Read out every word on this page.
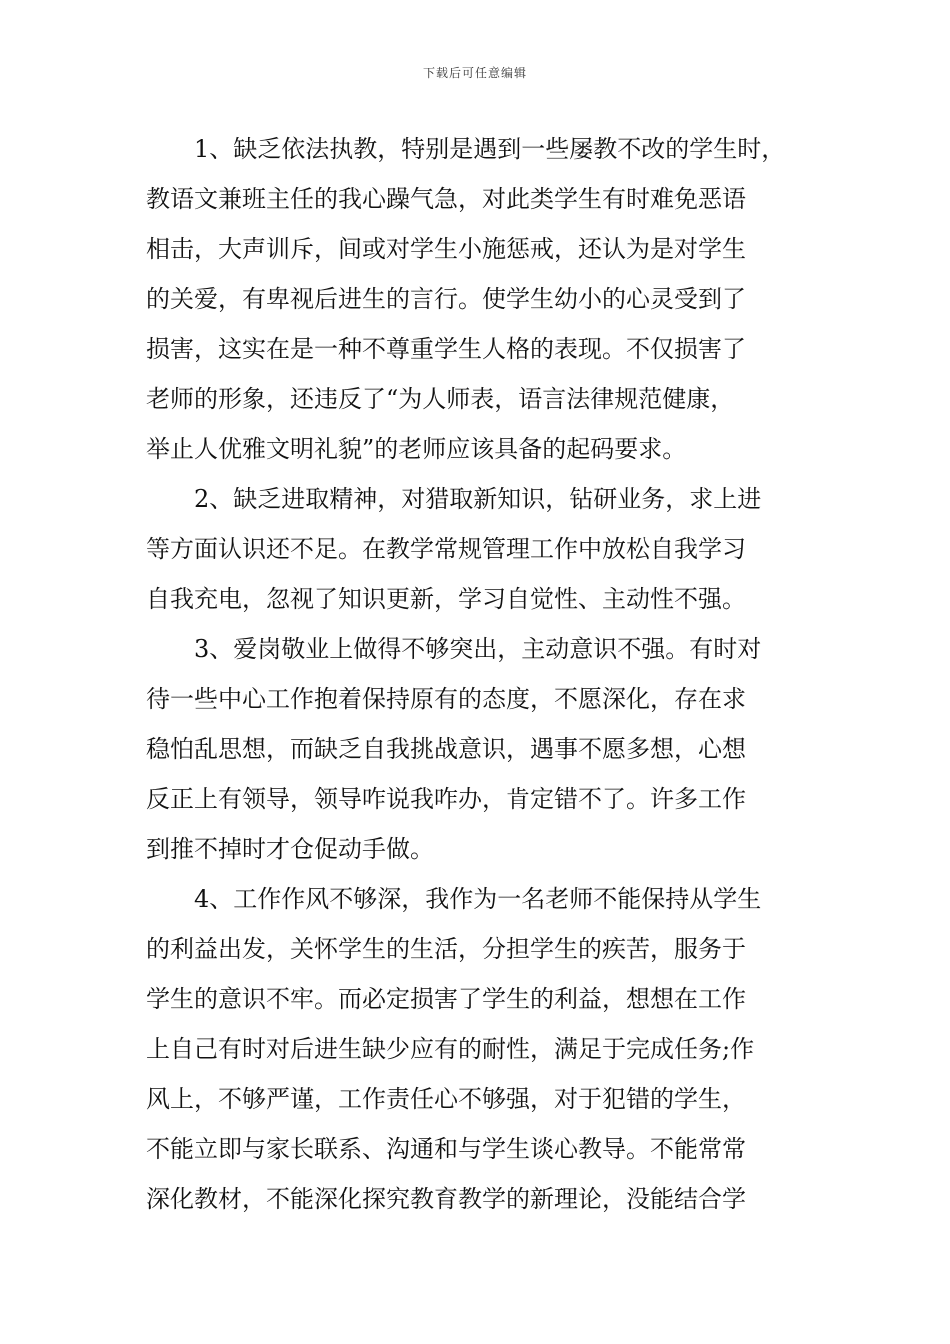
下载后可任意编辑
1、缺乏依法执教，特别是遇到一些屡教不改的学生时，
教语文兼班主任的我心躁气急，对此类学生有时难免恶语
相击，大声训斥，间或对学生小施惩戒，还认为是对学生
的关爱，有卑视后进生的言行。使学生幼小的心灵受到了
损害，这实在是一种不尊重学生人格的表现。不仅损害了
老师的形象，还违反了“为人师表，语言法律规范健康，
举止人优雅文明礼貌”的老师应该具备的起码要求。
2、缺乏进取精神，对猎取新知识，钻研业务，求上进
等方面认识还不足。在教学常规管理工作中放松自我学习
自我充电，忽视了知识更新，学习自觉性、主动性不强。
3、爱岗敬业上做得不够突出，主动意识不强。有时对
待一些中心工作抱着保持原有的态度，不愿深化，存在求
稳怕乱思想，而缺乏自我挑战意识，遇事不愿多想，心想
反正上有领导，领导咋说我咋办，肯定错不了。许多工作
到推不掉时才仓促动手做。
4、工作作风不够深，我作为一名老师不能保持从学生
的利益出发，关怀学生的生活，分担学生的疾苦，服务于
学生的意识不牢。而必定损害了学生的利益，想想在工作
上自己有时对后进生缺少应有的耐性，满足于完成任务;作
风上，不够严谨，工作责任心不够强，对于犯错的学生，
不能立即与家长联系、沟通和与学生谈心教导。不能常常
深化教材，不能深化探究教育教学的新理论，没能结合学
